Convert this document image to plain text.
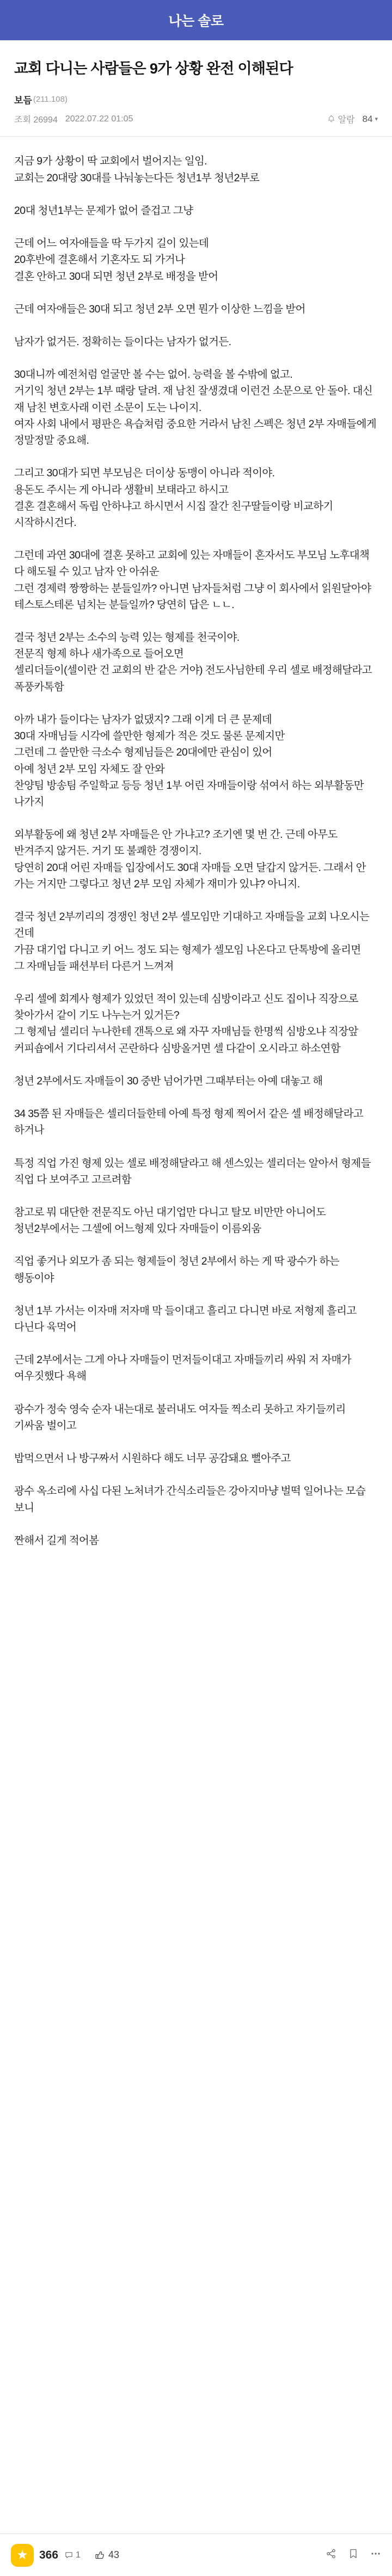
나는 솔로
교회 다니는 사람들은 9가 상황 완전 이해된다
보듬 (211.108)
조회 26994 2022.07.22 01:05	알람 84 ▾

지금 9가 상황이 딱 교회에서 벌어지는 일임.
교회는 20대랑 30대를 나눠놓는다든 청년1부 청년2부로

20대 청년1부는 문제가 없어 즐겁고 그냥

근데 어느 여자애들을 딱 두가지 길이 있는데
20후반에 결혼해서 기혼자도 되 가거나
결혼 안하고 30대 되면 청년 2부로 배정을 받어

근데 여자애들은 30대 되고 청년 2부 오면 뭔가 이상한 느낌을 받어

남자가 없거든. 정확히는 들이다는 남자가 없거든.

30대니까 예전처럼 얼굴만 볼 수는 없어. 능력을 볼 수밖에 없고.
거기익 청년 2부는 1부 때랑 달려. 재 남친 잘생겼대 이런건 소문으로 안 돌아. 대신 재 남친 변호사래 이런 소문이 도는 나이지.
여자 사회 내에서 평판은 욕습쳐럼 중요한 거라서 남친 스펙은 청년 2부 자매들에게 정말정말 중요해.

그리고 30대가 되면 부모님은 더이상 동맹이 아니라 적이야.
용돈도 주시는 게 아니라 생활비 보태라고 하시고
결혼 결혼해서 독립 안하냐고 하시면서 시집 잘간 친구딸들이랑 비교하기 시작하시건다.

그런데 과연 30대에 결혼 못하고 교회에 있는 자매들이 혼자서도 부모님 노후대책 다 해도될 수 있고 남자 안 아쉬운
그런 경제력 짱짱하는 분들일까? 아니면 남자들처럼 그냥 이 회사에서 읽원달아야 테스토스테론 넘치는 분들일까? 당연히 답은 ㄴㄴ.

결국 청년 2부는 소수의 능력 있는 형제를 천국이야.
전문직 형제 하나 새가족으로 들어오면
셀리더들이(셀이란 건 교회의 반 같은 거야) 전도사님한테 우리 셀로 배정해달라고 폭풍카톡함

아까 내가 들이다는 남자가 없댔지? 그래 이게 더 큰 문제데
30대 자매님들 시각에 쓸만한 형제가 적은 것도 물론 문제지만
그런데 그 쓸만한 극소수 형제님들은 20대에만 관심이 있어
아예 청년 2부 모임 자체도 잘 안와
찬양팀 방송팀 주일학교 등등 청년 1부 어린 자매들이랑 섞여서 하는 외부활동만 나가지

외부활동에 왜 청년 2부 자매들은 안 가냐고? 조기엔 몇 번 간. 근데 아무도 반겨주지 않거든. 거기 또 불쾌한 경쟁이지.
당연히 20대 어린 자매들 입장에서도 30대 자매들 오면 달갑지 않거든. 그래서 안 가는 거지만 그렇다고 청년 2부 모임 자체가 재미가 있냐? 아니지.

결국 청년 2부끼리의 경쟁인 청년 2부 셀모임만 기대하고 자매들을 교회 나오시는 건데
가끔 대기업 다니고 키 어느 정도 되는 형제가 셀모임 나온다고 단톡방에 올리면
그 자매님들 패션부터 다른거 느껴져

우리 셀에 회계사 형제가 있었던 적이 있는데 심방이라고 신도 집이나 직장으로 찾아가서 같이 기도 나누는거 있거든?
그 형제님 셀리더 누나한테 갠톡으로 왜 자꾸 자매님들 한명씩 심방오냐 직장앞 커피숍에서 기다리셔서 곤란하다 심방올거면 셀 다같이 오시라고 하소연함

청년 2부에서도 자매들이 30 중반 넘어가면 그때부터는 아예 대놓고 해

34 35쯤 된 자매들은 셀리더들한테 아예 특정 형제 찍어서 같은 셀 배정해달라고 하거나

특정 직업 가진 형제 있는 셀로 배정해달라고 해 센스있는 셀리더는 알아서 형제들 직업 다 보여주고 고르려함

참고로 뭐 대단한 전문직도 아닌 대기업만 다니고 탈모 비만만 아니어도 청년2부에서는 그셀에 어느형제 있다 자매들이 이름외움

직업 좋거나 외모가 좀 되는 형제들이 청년 2부에서 하는 게 딱 광수가 하는 행동이야

청년 1부 가서는 이자매 저자매 막 들이대고 흘리고 다니면 바로 저형제 흘리고 다닌다 육먹어

근데 2부에서는 그게 아나 자매들이 먼저들이대고 자매들끼리 싸워 저 자매가 여우짓했다 욕해

광수가 정숙 영숙 순자 내는대로 불러내도 여자들 찍소리 못하고 자기들끼리 기싸움 벌이고

밥먹으면서 나 방구짜서 시원하다 해도 너무 공감돼요 뻘아주고

광수 옥소리에 사십 다된 노처녀가 간식소리들은 강아지마냥 벌떡 일어나는 모습 보니

짠해서 길게 적어봄

★ 366 1	43
